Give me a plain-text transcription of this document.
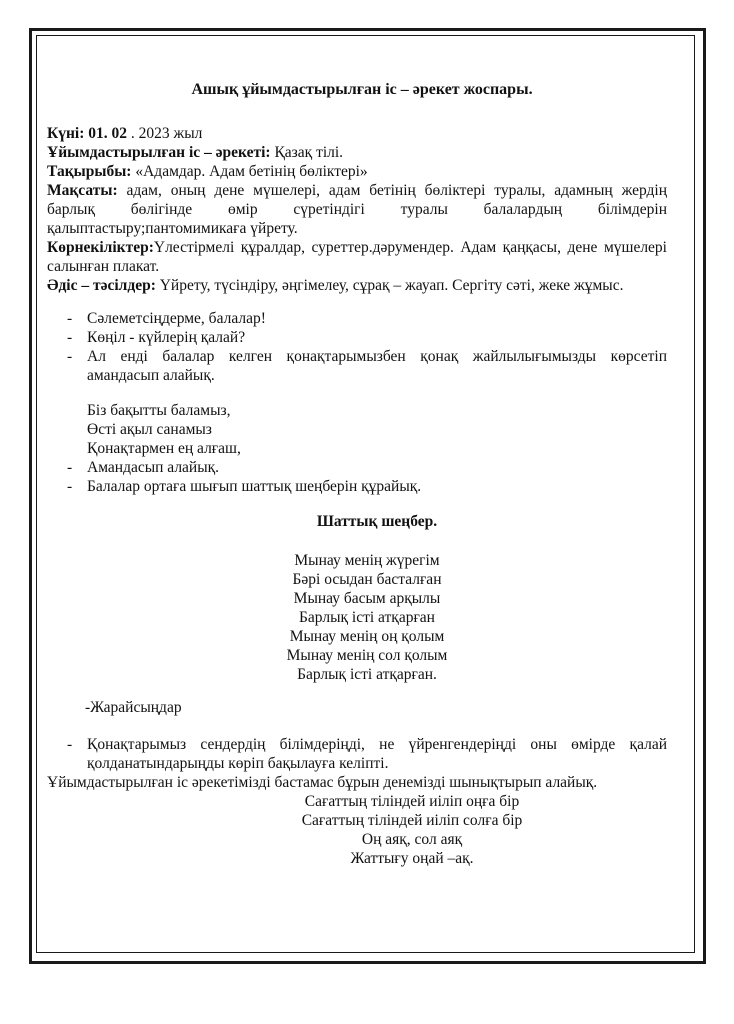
Ашық ұйымдастырылған іс – әрекет жоспары.

Күні: 01. 02 . 2023 жыл

Ұйымдастырылған іс – әрекеті: Қазақ тілі.

Тақырыбы: «Адамдар. Адам бетінің бөліктері»

Мақсаты: адам, оның дене мүшелері, адам бетінің бөліктері туралы, адамның жердің барлық бөлігінде өмір сүретіндігі туралы балалардың білімдерін қалыптастыру;пантомимикаға үйрету.

Көрнекіліктер:Үлестірмелі құралдар, суреттер.дәрумендер. Адам қаңқасы, дене мүшелері салынған плакат.

Әдіс – тәсілдер: Үйрету, түсіндіру, әңгімелеу, сұрақ – жауап. Сергіту сәті, жеке жұмыс.

- Сәлеметсіңдерме, балалар!
- Көңіл - күйлерің қалай?
- Ал енді балалар келген қонақтарымызбен қонақ жайлылығымызды көрсетіп амандасып алайық.
Біз бақытты баламыз,
Өсті ақыл санамыз
Қонақтармен ең алғаш,
- Амандасып алайық.
- Балалар ортаға шығып шаттық шеңберін құрайық.
Шаттық шеңбер.
Мынау менің жүрегім
Бәрі осыдан басталған
Мынау басым арқылы
Барлық істі атқарған
Мынау менің оң қолым
Мынау менің сол қолым
Барлық істі атқарған.
-Жарайсыңдар
- Қонақтарымыз сендердің білімдеріңді, не үйренгендеріңді оны өмірде қалай қолданатындарыңды көріп бақылауға келіпті.

Ұйымдастырылған іс әрекетімізді бастамас бұрын денемізді шынықтырып алайық.

Сағаттың тіліндей иіліп оңға бір
Сағаттың тіліндей иіліп солға бір
Оң аяқ, сол аяқ
Жаттығу оңай –ақ.
